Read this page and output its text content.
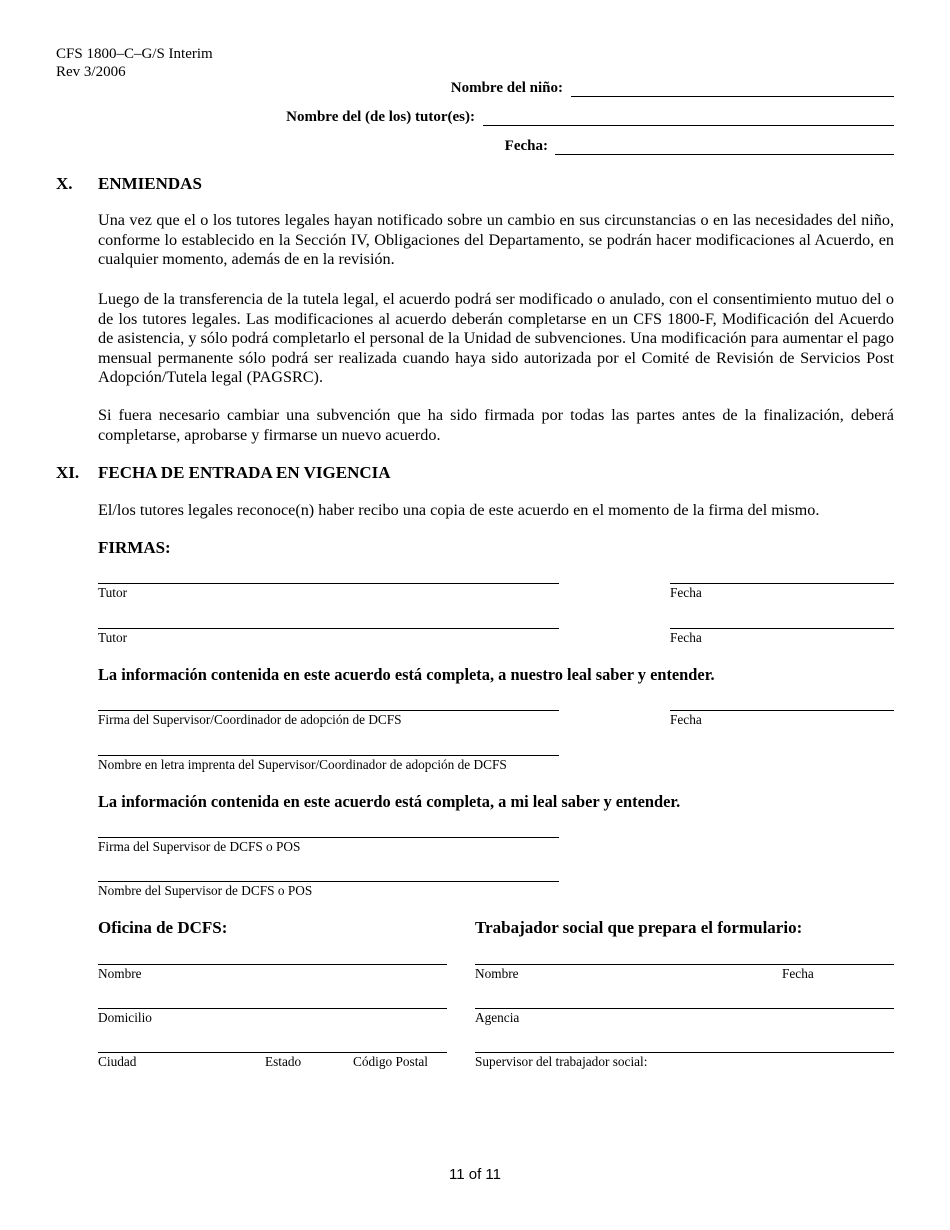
CFS 1800–C–G/S Interim
Rev 3/2006
Nombre del niño:
Nombre del (de los) tutor(es):
Fecha:
X. ENMIENDAS
Una vez que el o los tutores legales hayan notificado sobre un cambio en sus circunstancias o en las necesidades del niño, conforme lo establecido en la Sección IV, Obligaciones del Departamento, se podrán hacer modificaciones al Acuerdo, en cualquier momento, además de en la revisión.
Luego de la transferencia de la tutela legal, el acuerdo podrá ser modificado o anulado, con el consentimiento mutuo del o de los tutores legales. Las modificaciones al acuerdo deberán completarse en un CFS 1800-F, Modificación del Acuerdo de asistencia, y sólo podrá completarlo el personal de la Unidad de subvenciones. Una modificación para aumentar el pago mensual permanente sólo podrá ser realizada cuando haya sido autorizada por el Comité de Revisión de Servicios Post Adopción/Tutela legal (PAGSRC).
Si fuera necesario cambiar una subvención que ha sido firmada por todas las partes antes de la finalización, deberá completarse, aprobarse y firmarse un nuevo acuerdo.
XI. FECHA DE ENTRADA EN VIGENCIA
El/los tutores legales reconoce(n) haber recibo una copia de este acuerdo en el momento de la firma del mismo.
FIRMAS:
Tutor	Fecha
Tutor	Fecha
La información contenida en este acuerdo está completa, a nuestro leal saber y entender.
Firma del Supervisor/Coordinador de adopción de DCFS	Fecha
Nombre en letra imprenta del Supervisor/Coordinador de adopción de DCFS
La información contenida en este acuerdo está completa, a mi leal saber y entender.
Firma del Supervisor de DCFS o POS
Nombre del Supervisor de DCFS o POS
Oficina de DCFS:
Nombre
Domicilio
Ciudad	Estado	Código Postal
Trabajador social que prepara el formulario:
Nombre	Fecha
Agencia
Supervisor del trabajador social:
11 of 11
